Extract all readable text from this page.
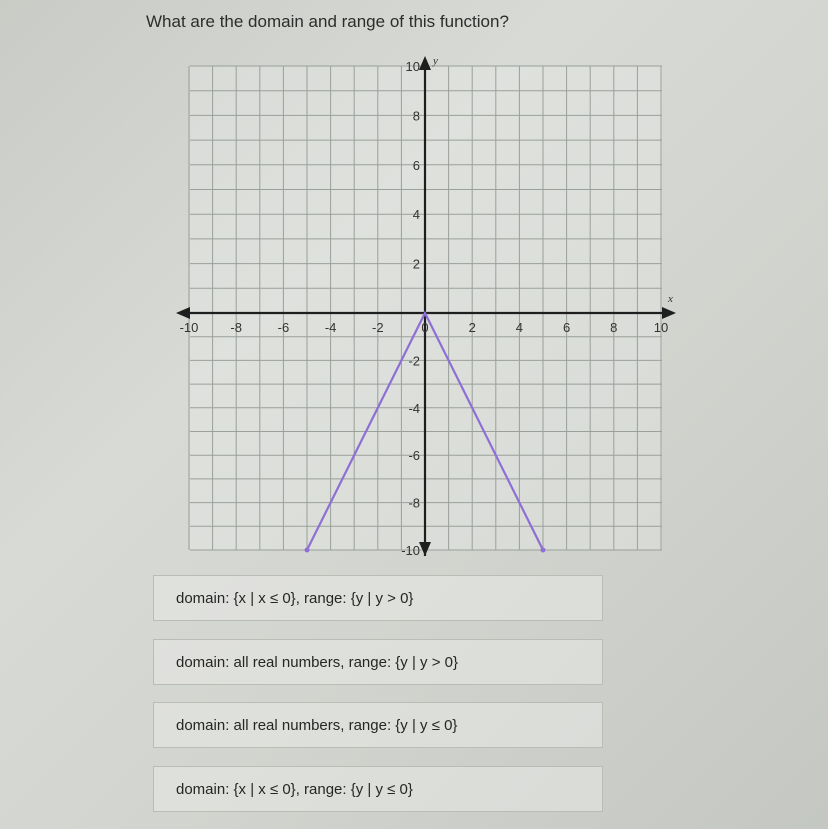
What are the domain and range of this function?
x
y
-10 -8	-6	-4	-2	0	2	4	6	8	10
10
8
6
4
2
-2
-4
-6
-8
-10
domain: {x | x ≤ 0}, range: {y | y > 0}
domain: all real numbers, range: {y | y > 0}
domain: all real numbers, range: {y | y ≤ 0}
domain: {x | x ≤ 0}, range: {y | y ≤ 0}
